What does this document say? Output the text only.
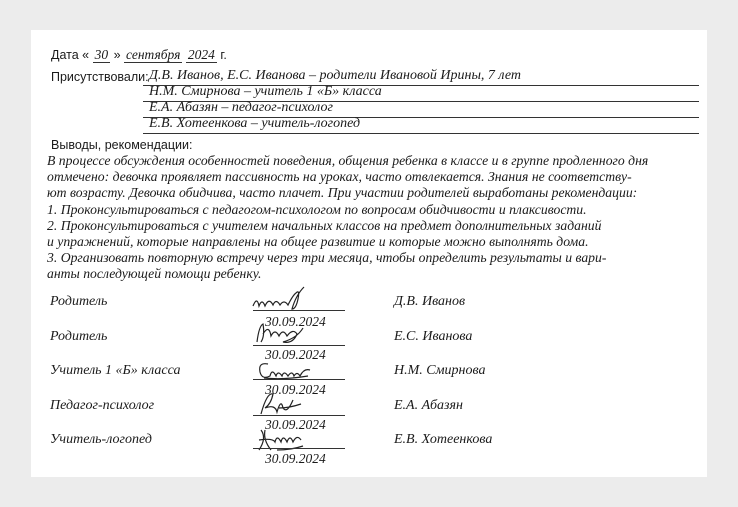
Дата « 30 » сентября 2024 г.
Присутствовали: Д.В. Иванов, Е.С. Иванова – родители Ивановой Ирины, 7 лет
Н.М. Смирнова – учитель 1 «Б» класса
Е.А. Абазян – педагог-психолог
Е.В. Хотеенкова – учитель-логопед
Выводы, рекомендации:
В процессе обсуждения особенностей поведения, общения ребенка в классе и в группе продленного дня
отмечено: девочка проявляет пассивность на уроках, часто отвлекается. Знания не соответству-
ют возрасту. Девочка обидчива, часто плачет. При участии родителей выработаны рекомендации:
1. Проконсультироваться с педагогом-психологом по вопросам обидчивости и плаксивости.
2. Проконсультироваться с учителем начальных классов на предмет дополнительных заданий
и упражнений, которые направлены на общее развитие и которые можно выполнять дома.
3. Организовать повторную встречу через три месяца, чтобы определить результаты и вари-
анты последующей помощи ребенку.
Родитель
30.09.2024
Д.В. Иванов
Родитель
30.09.2024
Е.С. Иванова
Учитель 1 «Б» класса
30.09.2024
Н.М. Смирнова
Педагог-психолог
30.09.2024
Е.А. Абазян
Учитель-логопед
30.09.2024
Е.В. Хотеенкова
